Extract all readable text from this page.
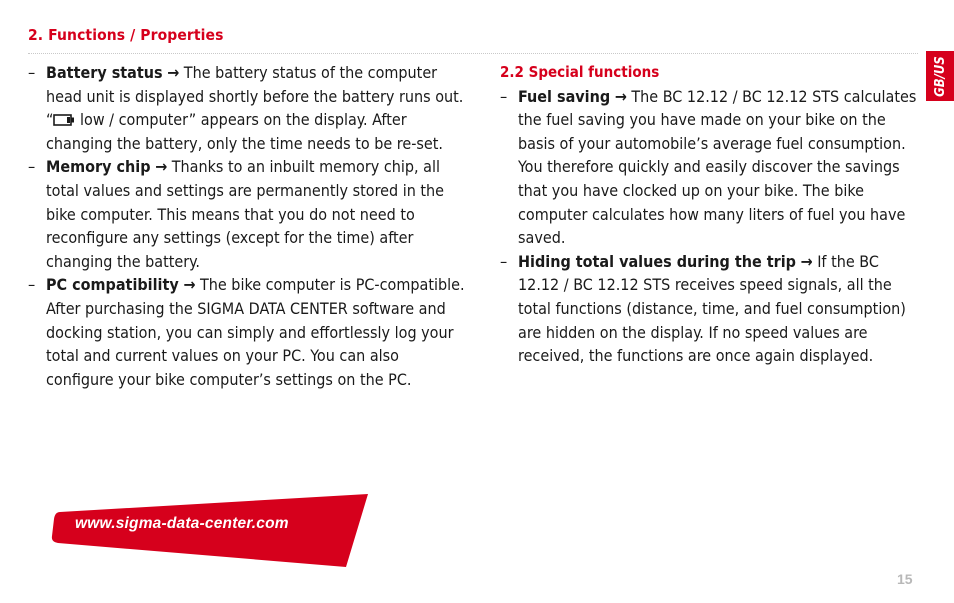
2. Functions / Properties
GB/US
– Battery status → The battery status of the computer head unit is displayed shortly before the battery runs out. “ low / computer” appears on the display. After changing the battery, only the time needs to be re-set.
– Memory chip → Thanks to an inbuilt memory chip, all total values and settings are permanently stored in the bike computer. This means that you do not need to reconfigure any settings (except for the time) after changing the battery.
– PC compatibility → The bike computer is PC-compatible. After purchasing the SIGMA DATA CENTER software and docking station, you can simply and effortlessly log your total and current values on your PC. You can also configure your bike computer’s settings on the PC.
2.2 Special functions
– Fuel saving → The BC 12.12 / BC 12.12 STS calculates the fuel saving you have made on your bike on the basis of your automobile’s average fuel consumption. You therefore quickly and easily discover the savings that you have clocked up on your bike. The bike computer calculates how many liters of fuel you have saved.
– Hiding total values during the trip → If the BC 12.12 / BC 12.12 STS receives speed signals, all the total functions (distance, time, and fuel consumption) are hidden on the display. If no speed values are received, the functions are once again displayed.
www.sigma-data-center.com
15
